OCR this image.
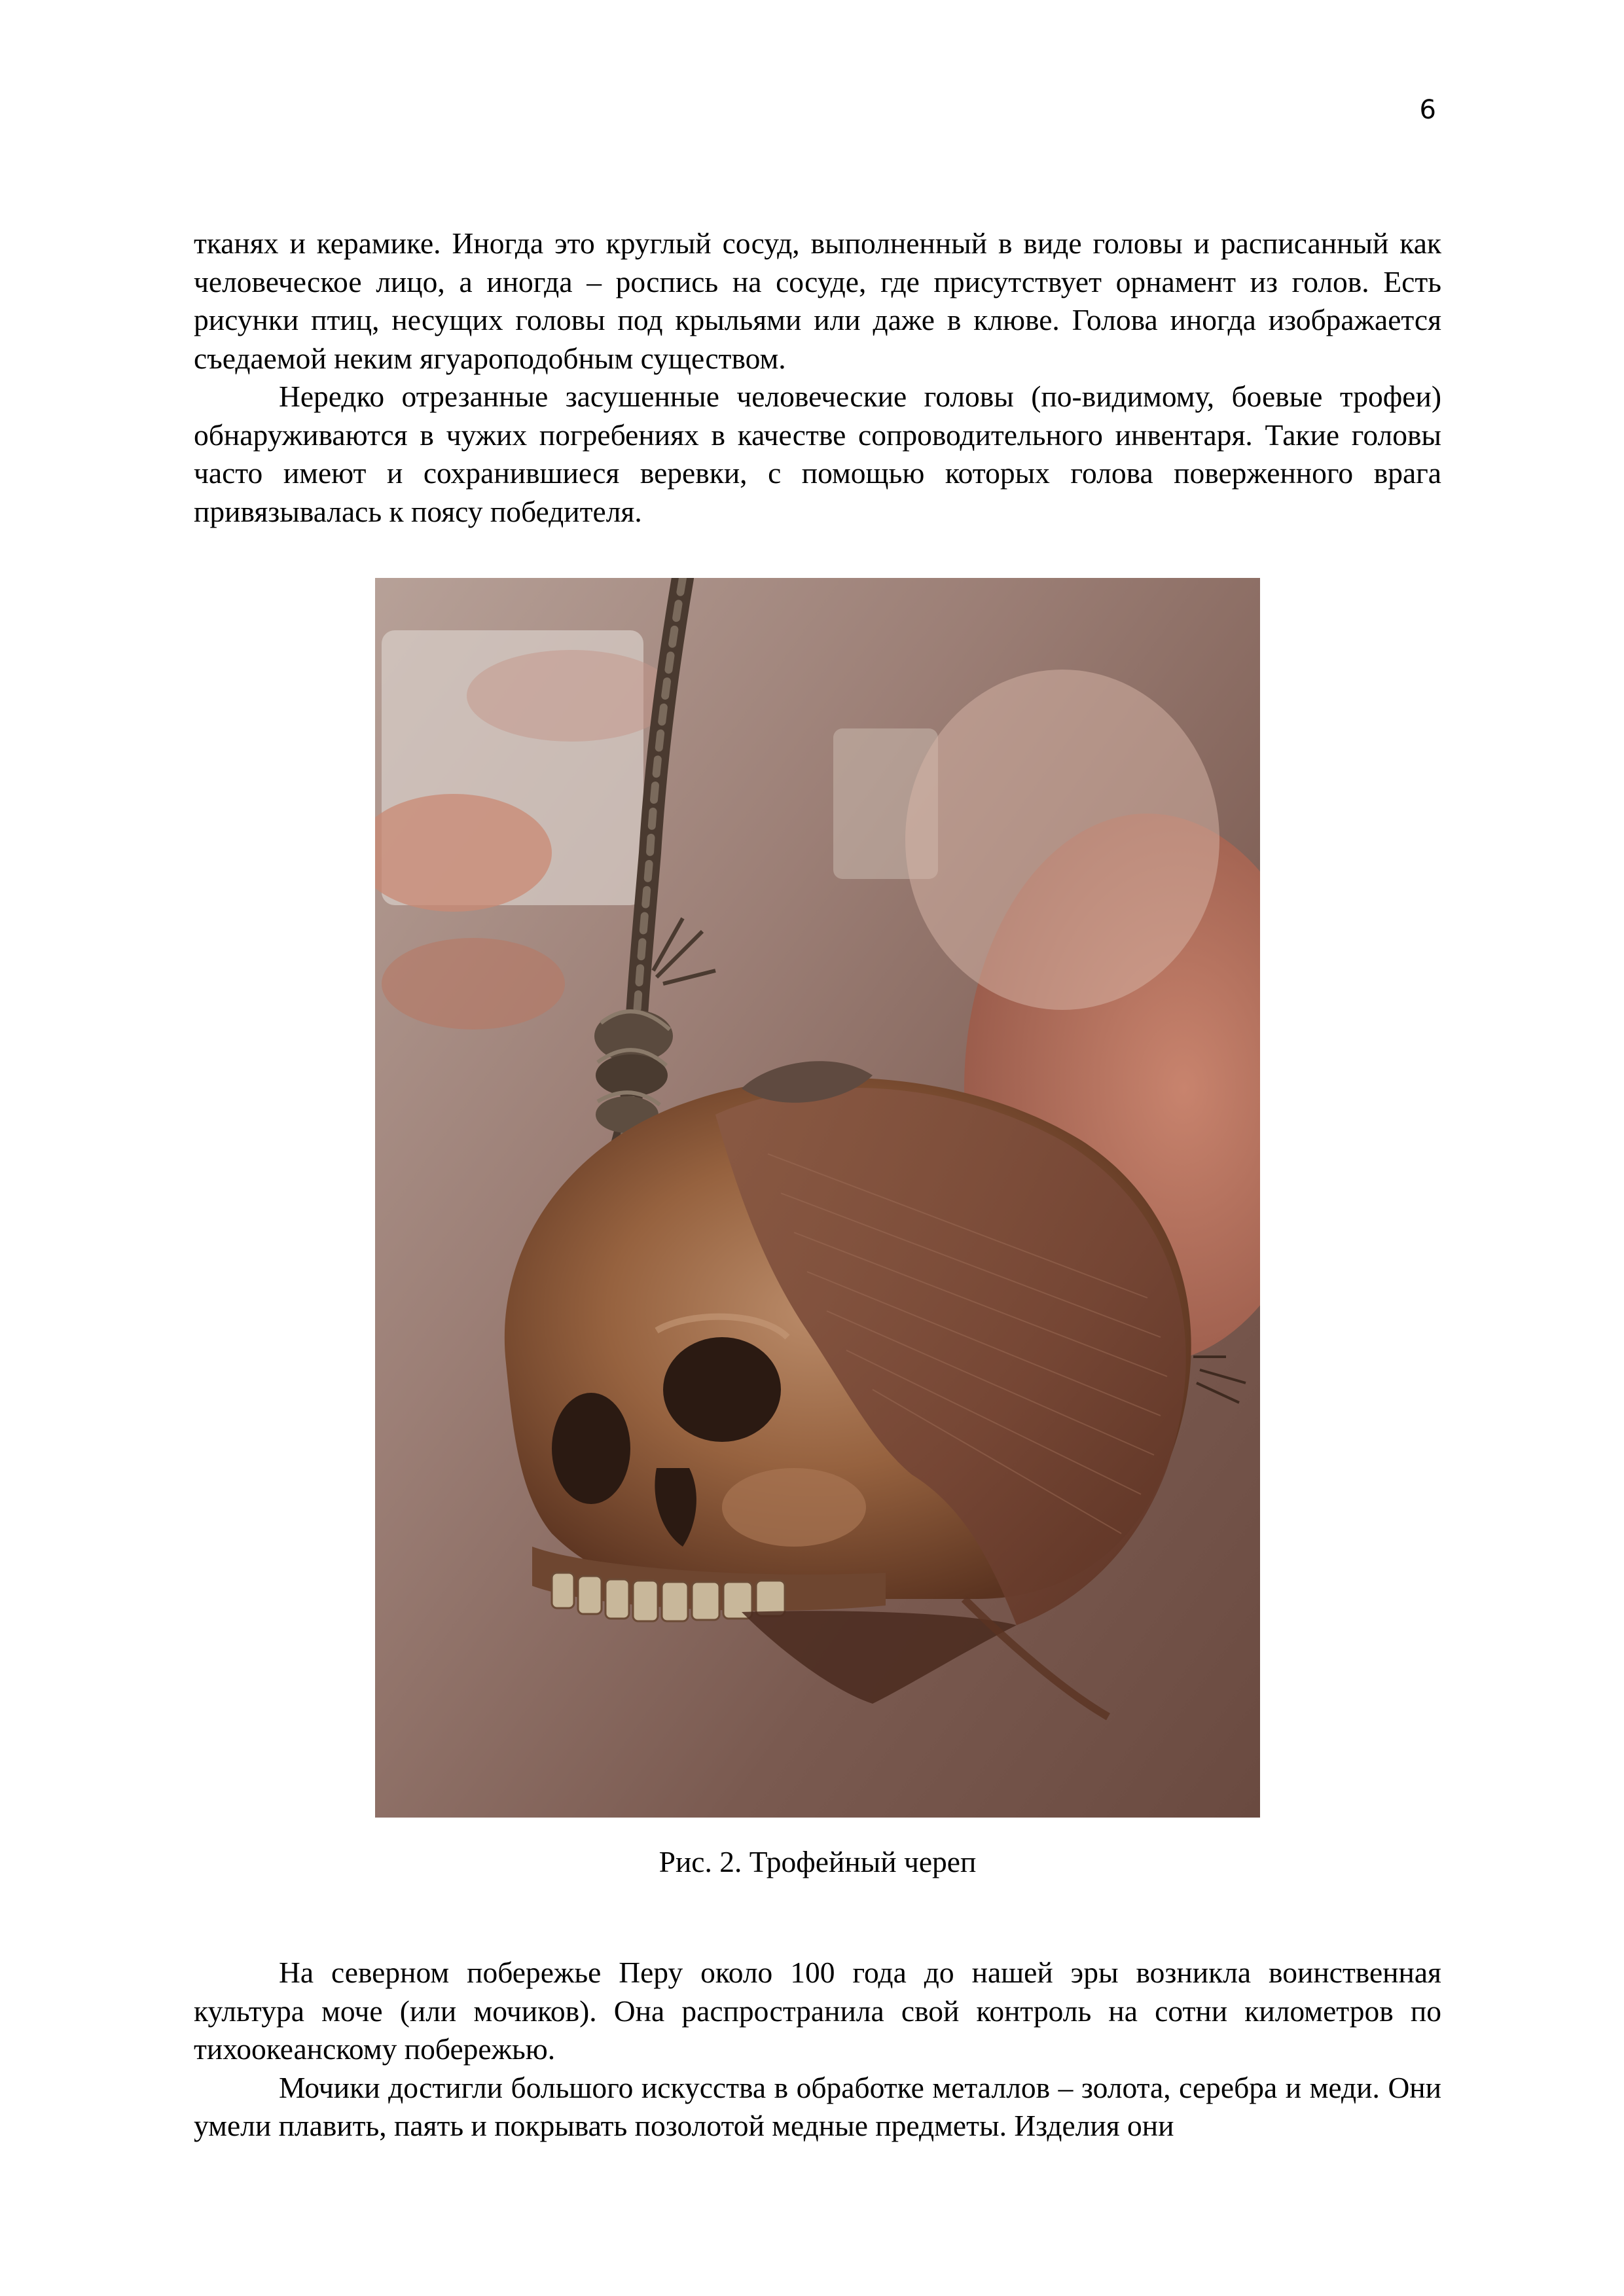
6

тканях и керамике. Иногда это круглый сосуд, выполненный в виде головы и расписанный как человеческое лицо, а иногда – роспись на сосуде, где присутствует орнамент из голов. Есть рисунки птиц, несущих головы под крыльями или даже в клюве. Голова иногда изображается съедаемой неким ягуароподобным существом.

Нередко отрезанные засушенные человеческие головы (по-видимому, боевые трофеи) обнаруживаются в чужих погребениях в качестве сопроводительного инвентаря. Такие головы часто имеют и сохранившиеся веревки, с помощью которых голова поверженного врага привязывалась к поясу победителя.

Рис. 2. Трофейный череп

На северном побережье Перу около 100 года до нашей эры возникла воинственная культура моче (или мочиков). Она распространила свой контроль на сотни километров по тихоокеанскому побережью.

Мочики достигли большого искусства в обработке металлов – золота, серебра и меди. Они умели плавить, паять и покрывать позолотой медные предметы. Изделия они
